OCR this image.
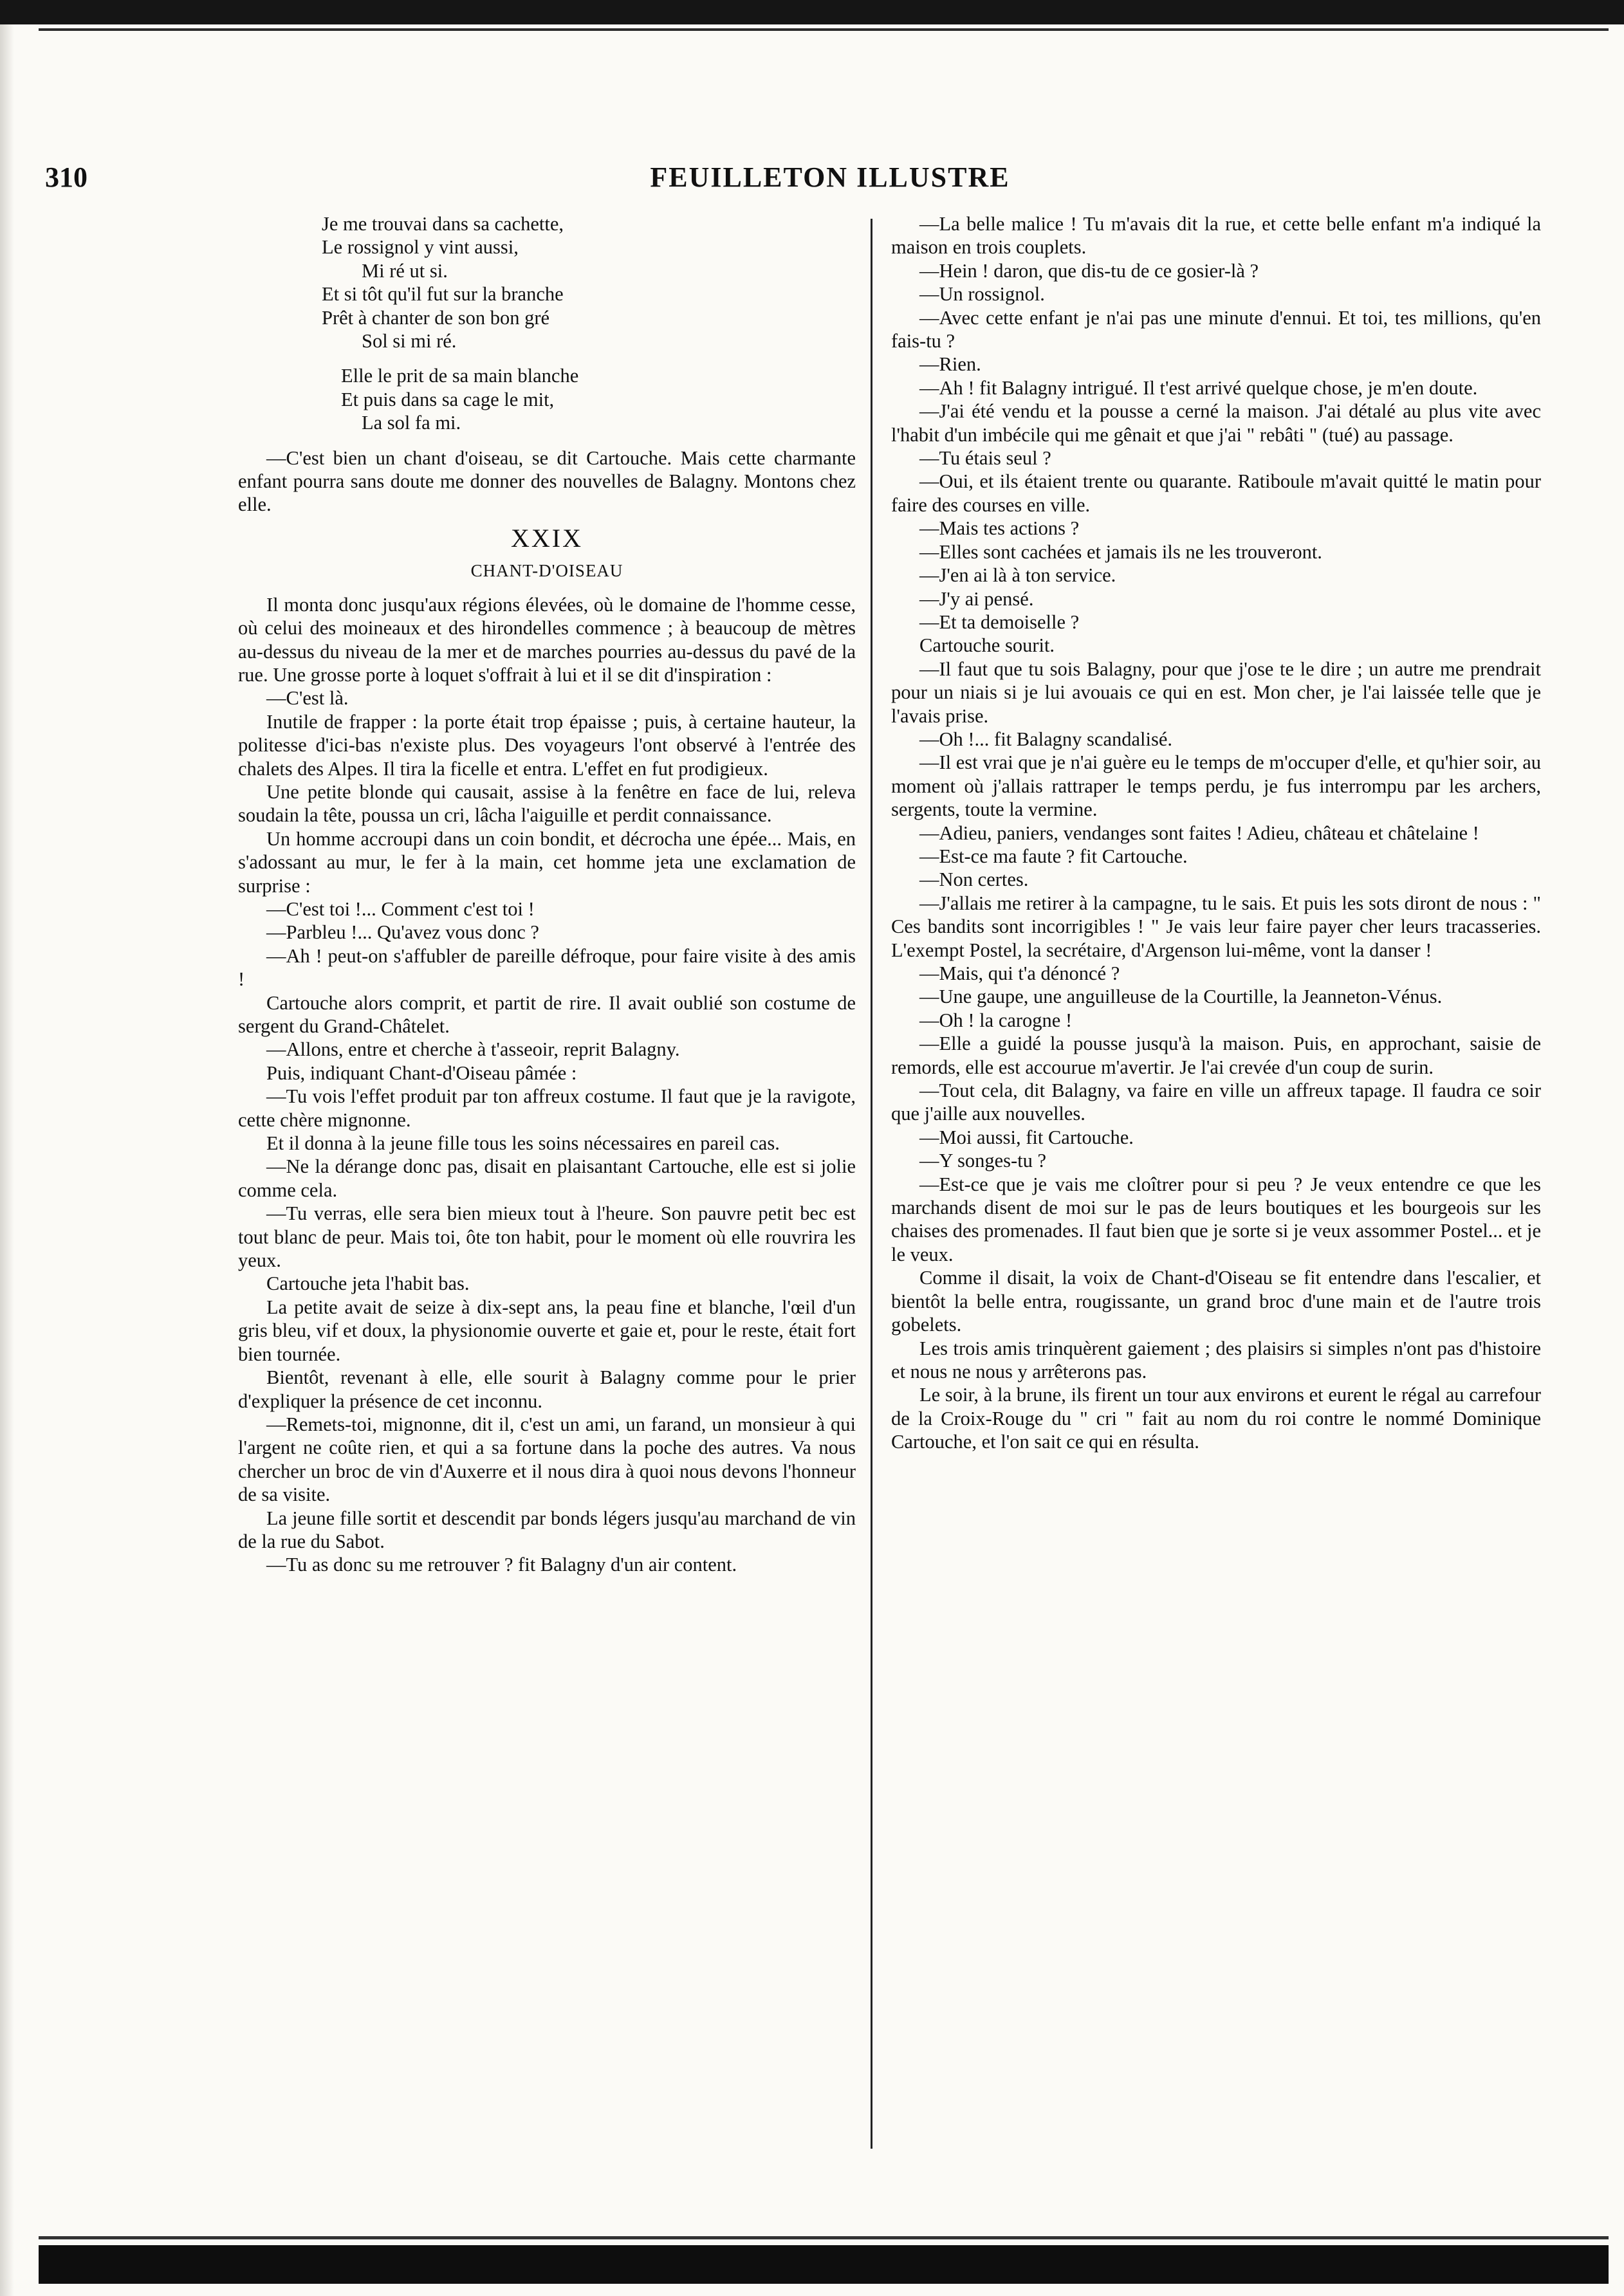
310	FEUILLETON ILLUSTRE
Je me trouvai dans sa cachette,
Le rossignol y vint aussi,
Mi ré ut si.
Et si tôt qu'il fut sur la branche
Prêt à chanter de son bon gré
Sol si mi ré.
Elle le prit de sa main blanche
Et puis dans sa cage le mit,
La sol fa mi.

—C'est bien un chant d'oiseau, se dit Cartouche. Mais cette charmante enfant pourra sans doute me donner des nouvelles de Balagny. Montons chez elle.

XXIX
CHANT-D'OISEAU

Il monta donc jusqu'aux régions élevées, où le domaine de l'homme cesse, où celui des moineaux et des hirondelles commence ; à beaucoup de mètres au-dessus du niveau de la mer et de marches pourries au-dessus du pavé de la rue. Une grosse porte à loquet s'offrait à lui et il se dit d'inspiration :

—C'est là.

Inutile de frapper : la porte était trop épaisse ; puis, à certaine hauteur, la politesse d'ici-bas n'existe plus. Des voyageurs l'ont observé à l'entrée des chalets des Alpes. Il tira la ficelle et entra. L'effet en fut prodigieux.

Une petite blonde qui causait, assise à la fenêtre en face de lui, releva soudain la tête, poussa un cri, lâcha l'aiguille et perdit connaissance.

Un homme accroupi dans un coin bondit, et décrocha une épée... Mais, en s'adossant au mur, le fer à la main, cet homme jeta une exclamation de surprise :

—C'est toi !... Comment c'est toi !

—Parbleu !... Qu'avez vous donc ?

—Ah ! peut-on s'affubler de pareille défroque, pour faire visite à des amis !

Cartouche alors comprit, et partit de rire. Il avait oublié son costume de sergent du Grand-Châtelet.

—Allons, entre et cherche à t'asseoir, reprit Balagny.

Puis, indiquant Chant-d'Oiseau pâmée :

—Tu vois l'effet produit par ton affreux costume. Il faut que je la ravigote, cette chère mignonne.

Et il donna à la jeune fille tous les soins nécessaires en pareil cas.

—Ne la dérange donc pas, disait en plaisantant Cartouche, elle est si jolie comme cela.

—Tu verras, elle sera bien mieux tout à l'heure. Son pauvre petit bec est tout blanc de peur. Mais toi, ôte ton habit, pour le moment où elle rouvrira les yeux.

Cartouche jeta l'habit bas.

La petite avait de seize à dix-sept ans, la peau fine et blanche, l'œil d'un gris bleu, vif et doux, la physionomie ouverte et gaie et, pour le reste, était fort bien tournée.

Bientôt, revenant à elle, elle sourit à Balagny comme pour le prier d'expliquer la présence de cet inconnu.

—Remets-toi, mignonne, dit il, c'est un ami, un farand, un monsieur à qui l'argent ne coûte rien, et qui a sa fortune dans la poche des autres. Va nous chercher un broc de vin d'Auxerre et il nous dira à quoi nous devons l'honneur de sa visite.

La jeune fille sortit et descendit par bonds légers jusqu'au marchand de vin de la rue du Sabot.

—Tu as donc su me retrouver ? fit Balagny d'un air content.

—La belle malice ! Tu m'avais dit la rue, et cette belle enfant m'a indiqué la maison en trois couplets.

—Hein ! daron, que dis-tu de ce gosier-là ?

—Un rossignol.

—Avec cette enfant je n'ai pas une minute d'ennui. Et toi, tes millions, qu'en fais-tu ?

—Rien.

—Ah ! fit Balagny intrigué. Il t'est arrivé quelque chose, je m'en doute.

—J'ai été vendu et la pousse a cerné la maison. J'ai détalé au plus vite avec l'habit d'un imbécile qui me gênait et que j'ai " rebâti " (tué) au passage.

—Tu étais seul ?

—Oui, et ils étaient trente ou quarante. Ratiboule m'avait quitté le matin pour faire des courses en ville.

—Mais tes actions ?

—Elles sont cachées et jamais ils ne les trouveront.

—J'en ai là à ton service.

—J'y ai pensé.

—Et ta demoiselle ?

Cartouche sourit.

—Il faut que tu sois Balagny, pour que j'ose te le dire ; un autre me prendrait pour un niais si je lui avouais ce qui en est. Mon cher, je l'ai laissée telle que je l'avais prise.

—Oh !... fit Balagny scandalisé.

—Il est vrai que je n'ai guère eu le temps de m'occuper d'elle, et qu'hier soir, au moment où j'allais rattraper le temps perdu, je fus interrompu par les archers, sergents, toute la vermine.

—Adieu, paniers, vendanges sont faites ! Adieu, château et châtelaine !

—Est-ce ma faute ? fit Cartouche.

—Non certes.

—J'allais me retirer à la campagne, tu le sais. Et puis les sots diront de nous : " Ces bandits sont incorrigibles ! " Je vais leur faire payer cher leurs tracasseries. L'exempt Postel, la secrétaire, d'Argenson lui-même, vont la danser !

—Mais, qui t'a dénoncé ?

—Une gaupe, une anguilleuse de la Courtille, la Jeanneton-Vénus.

—Oh ! la carogne !

—Elle a guidé la pousse jusqu'à la maison. Puis, en approchant, saisie de remords, elle est accourue m'avertir. Je l'ai crevée d'un coup de surin.

—Tout cela, dit Balagny, va faire en ville un affreux tapage. Il faudra ce soir que j'aille aux nouvelles.

—Moi aussi, fit Cartouche.

—Y songes-tu ?

—Est-ce que je vais me cloîtrer pour si peu ? Je veux entendre ce que les marchands disent de moi sur le pas de leurs boutiques et les bourgeois sur les chaises des promenades. Il faut bien que je sorte si je veux assommer Postel... et je le veux.

Comme il disait, la voix de Chant-d'Oiseau se fit entendre dans l'escalier, et bientôt la belle entra, rougissante, un grand broc d'une main et de l'autre trois gobelets.

Les trois amis trinquèrent gaiement ; des plaisirs si simples n'ont pas d'histoire et nous ne nous y arrêterons pas.

Le soir, à la brune, ils firent un tour aux environs et eurent le régal au carrefour de la Croix-Rouge du " cri " fait au nom du roi contre le nommé Dominique Cartouche, et l'on sait ce qui en résulta.
